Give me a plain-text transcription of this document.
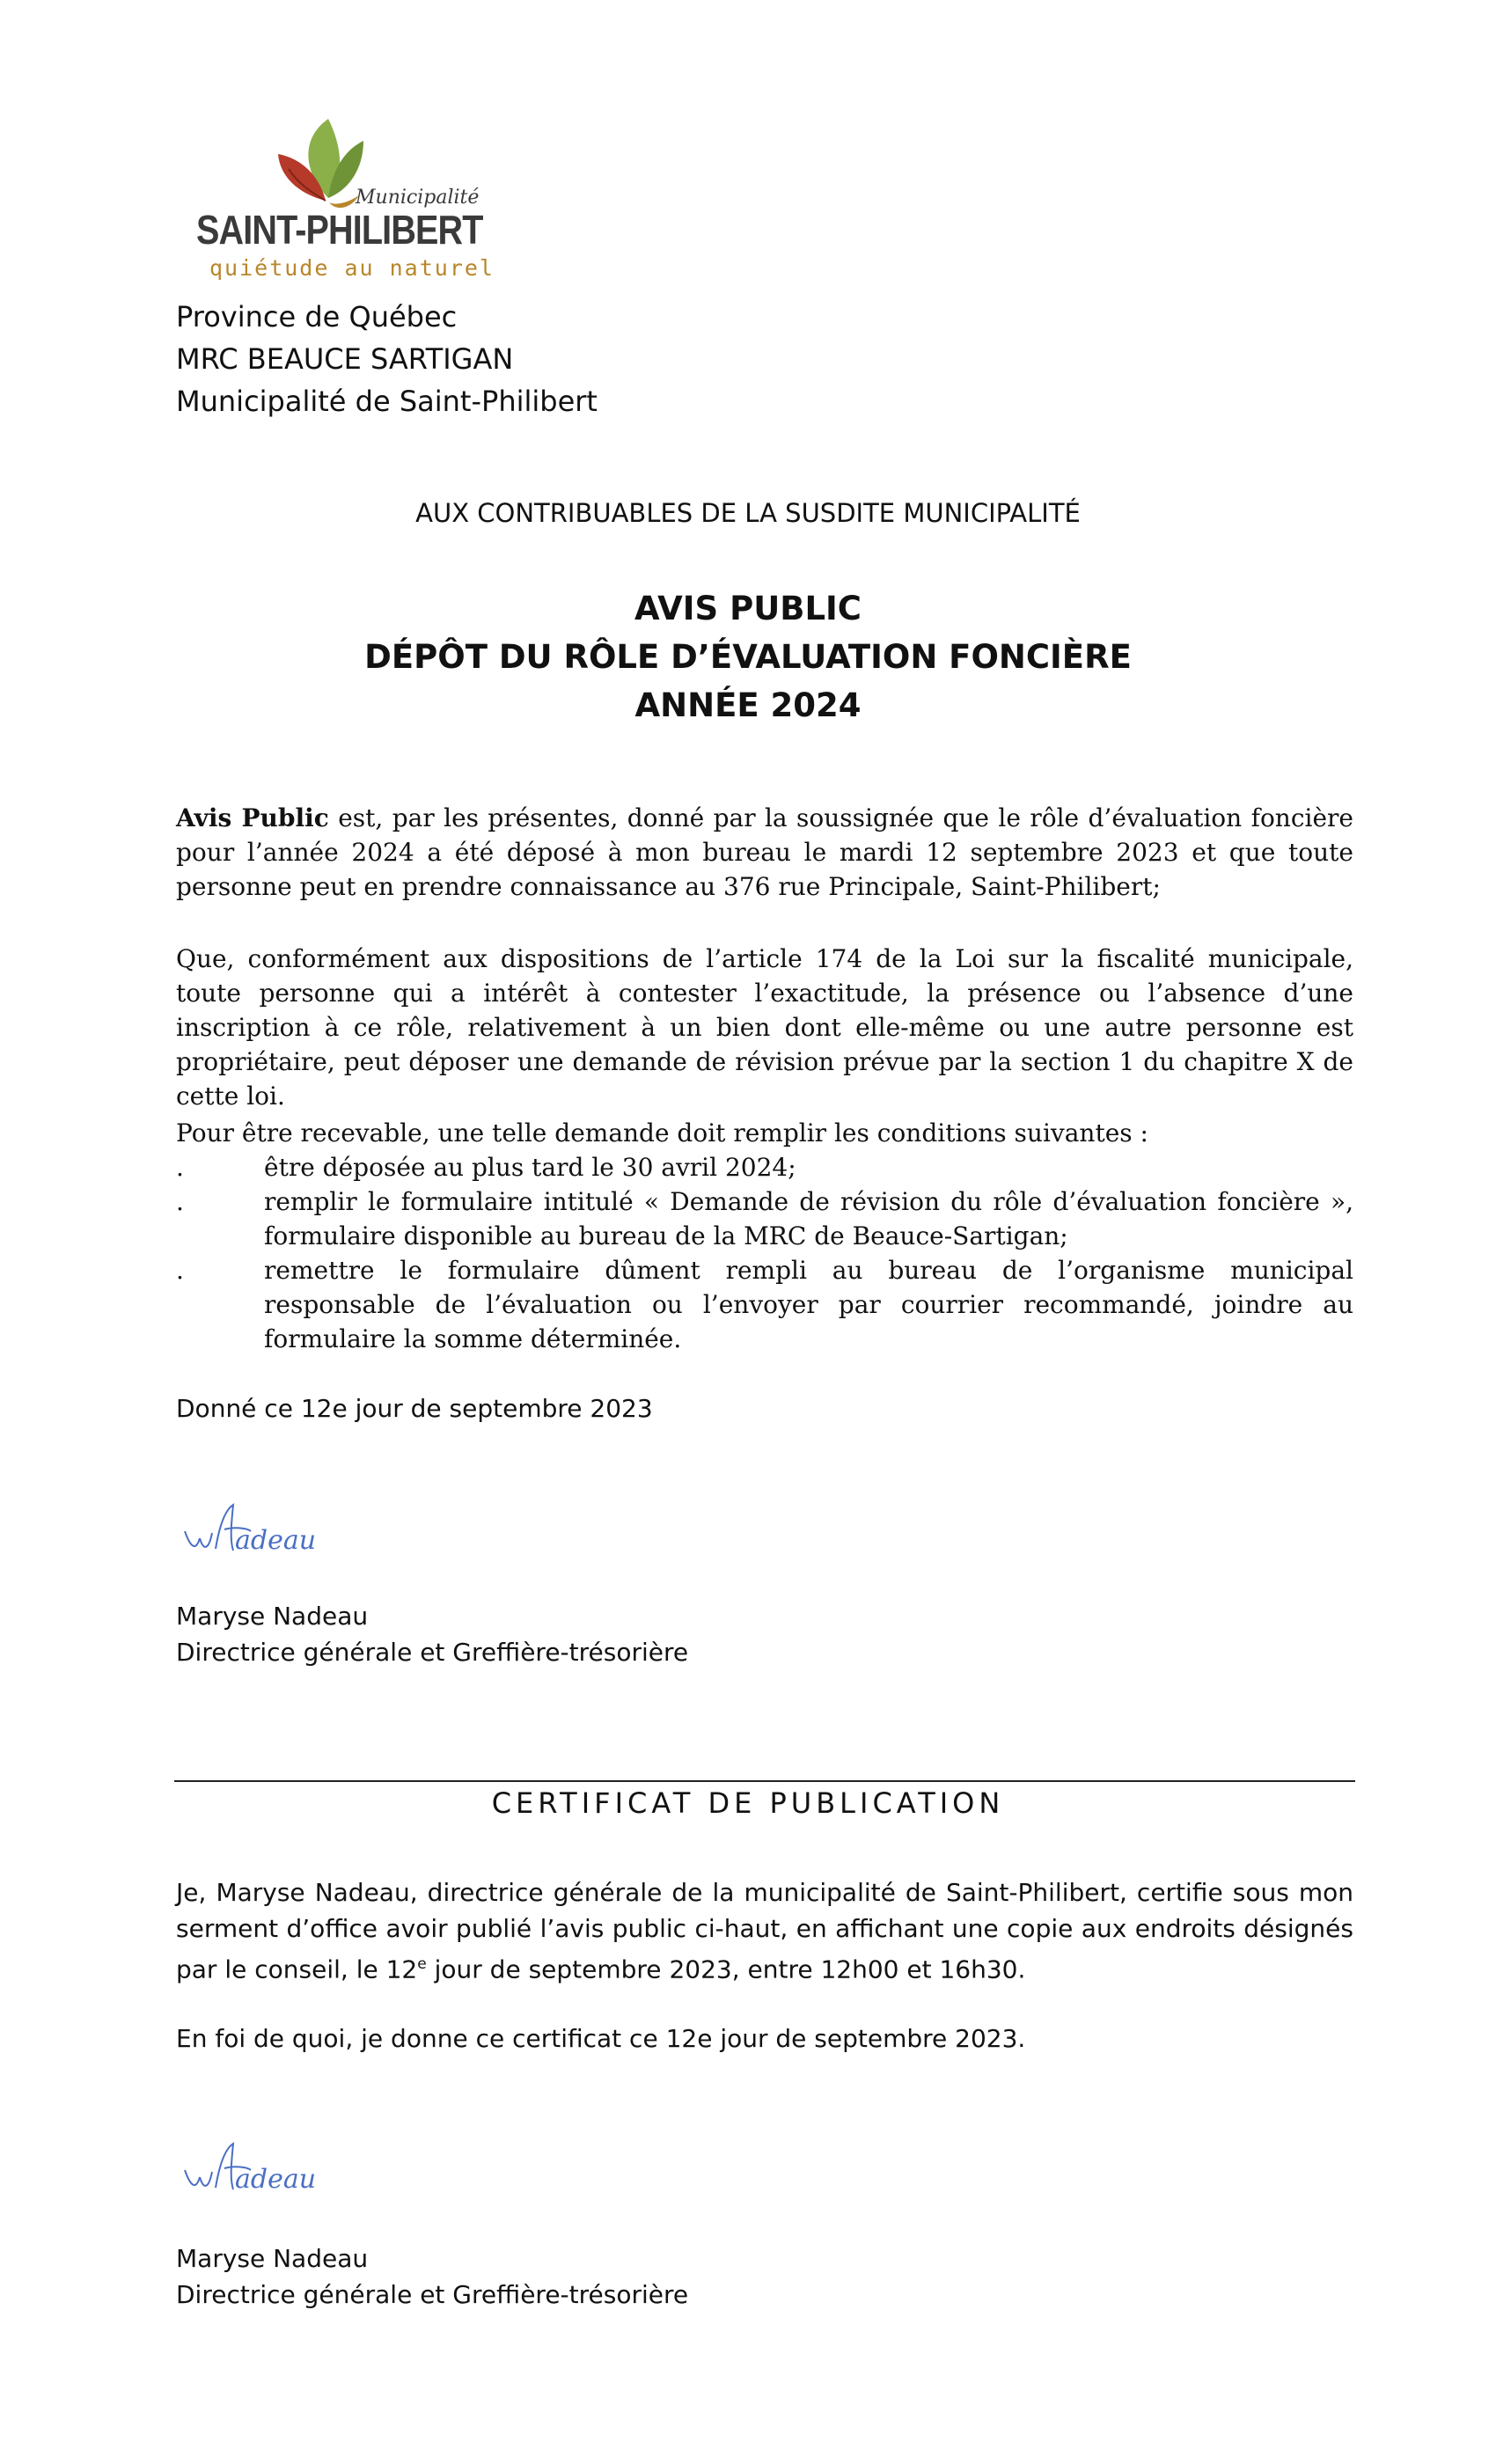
Municipalité
SAINT-PHILIBERT
quiétude au naturel
Province de Québec
MRC BEAUCE SARTIGAN
Municipalité de Saint-Philibert
AUX CONTRIBUABLES DE LA SUSDITE MUNICIPALITÉ
AVIS PUBLIC
DÉPÔT DU RÔLE D’ÉVALUATION FONCIÈRE
ANNÉE 2024

Avis Public est, par les présentes, donné par la soussignée que le rôle d’évaluation foncière pour l’année 2024 a été déposé à mon bureau le mardi 12 septembre 2023 et que toute personne peut en prendre connaissance au 376 rue Principale, Saint-Philibert;

Que, conformément aux dispositions de l’article 174 de la Loi sur la fiscalité municipale, toute personne qui a intérêt à contester l’exactitude, la présence ou l’absence d’une inscription à ce rôle, relativement à un bien dont elle-même ou une autre personne est propriétaire, peut déposer une demande de révision prévue par la section 1 du chapitre X de cette loi.

Pour être recevable, une telle demande doit remplir les conditions suivantes :

.	être déposée au plus tard le 30 avril 2024;
.	remplir le formulaire intitulé « Demande de révision du rôle d’évaluation foncière », formulaire disponible au bureau de la MRC de Beauce-Sartigan;
.	remettre le formulaire dûment rempli au bureau de l’organisme municipal responsable de l’évaluation ou l’envoyer par courrier recommandé, joindre au formulaire la somme déterminée.
Donné ce 12e jour de septembre 2023
adeau
Maryse Nadeau
Directrice générale et Greffière-trésorière
CERTIFICAT DE PUBLICATION
Je, Maryse Nadeau, directrice générale de la municipalité de Saint-Philibert, certifie sous mon serment d’office avoir publié l’avis public ci-haut, en affichant une copie aux endroits désignés par le conseil, le 12e jour de septembre 2023, entre 12h00 et 16h30.
En foi de quoi, je donne ce certificat ce 12e jour de septembre 2023.
adeau
Maryse Nadeau
Directrice générale et Greffière-trésorière
